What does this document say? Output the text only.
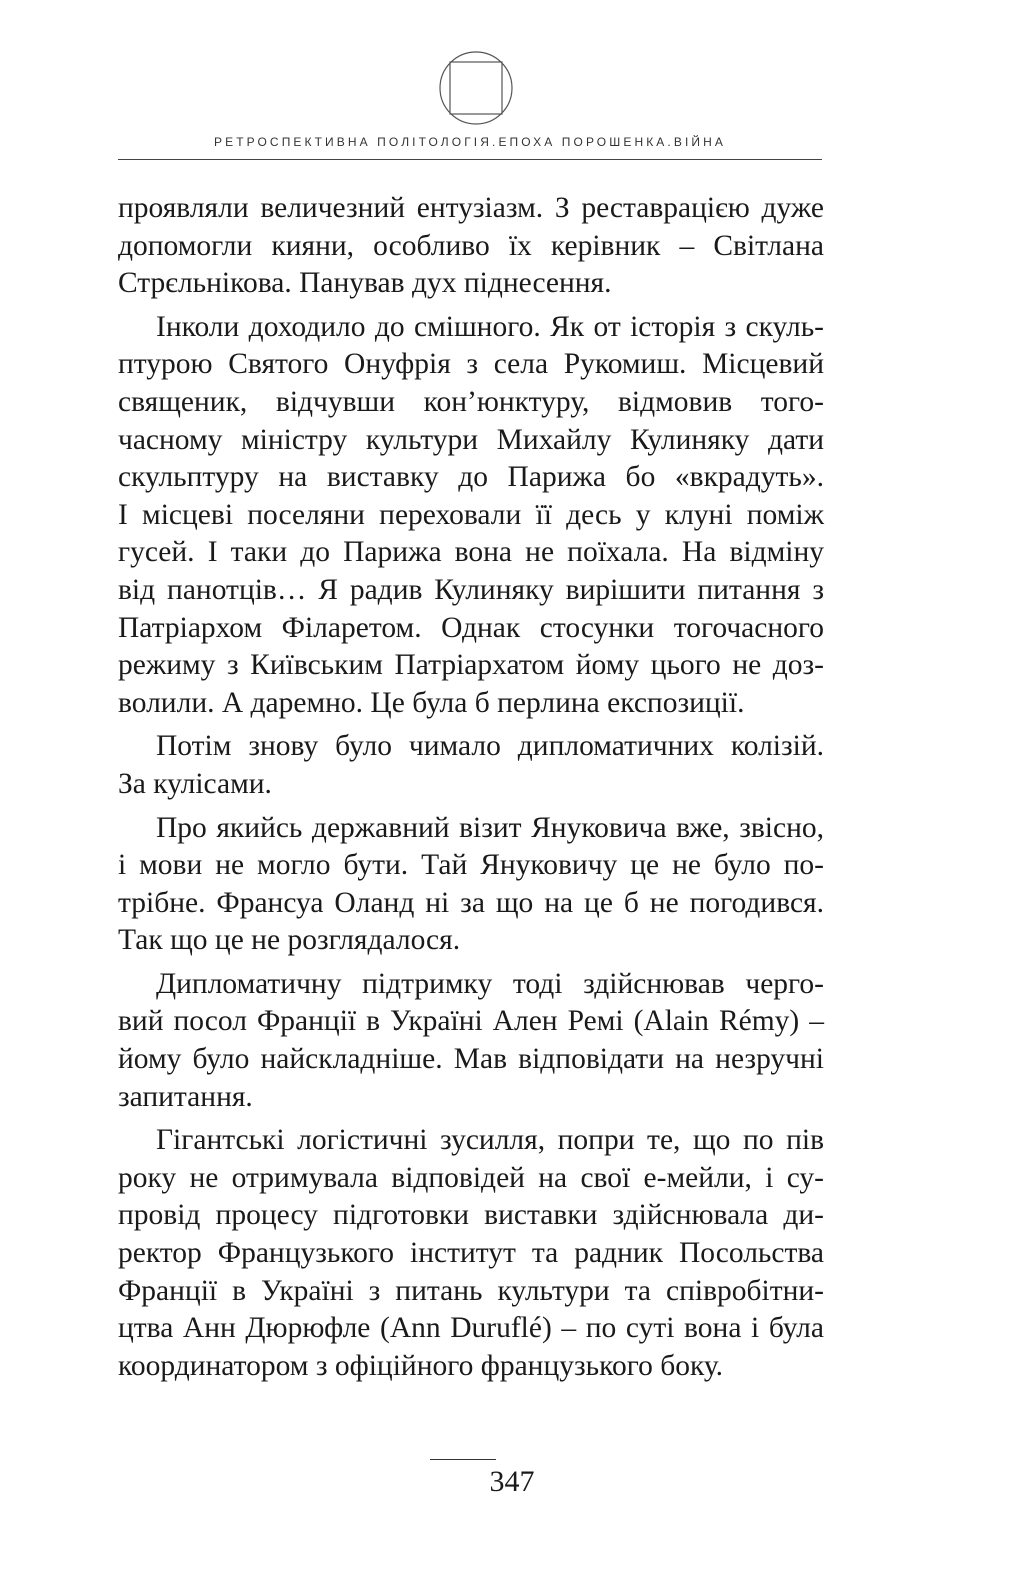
РЕТРОСПЕКТИВНА ПОЛІТОЛОГІЯ.ЕПОХА ПОРОШЕНКА.ВІЙНА

проявляли величезний ентузіазм. З реставрацією дуже
допомогли кияни, особливо їх керівник – Світлана
Стрєльнікова. Панував дух піднесення.

Інколи доходило до смішного. Як от історія з скуль-
птурою Святого Онуфрія з села Рукомиш. Місцевий
священик, відчувши кон’юнктуру, відмовив того-
часному міністру культури Михайлу Кулиняку дати
скульптуру на виставку до Парижа бо «вкрадуть».
І місцеві поселяни переховали її десь у клуні поміж
гусей. І таки до Парижа вона не поїхала. На відміну
від панотців… Я радив Кулиняку вирішити питання з
Патріархом Філаретом. Однак стосунки тогочасного
режиму з Київським Патріархатом йому цього не доз-
волили. А даремно. Це була б перлина експозиції.

Потім знову було чимало дипломатичних колізій.
За кулісами.

Про якийсь державний візит Януковича вже, звісно,
і мови не могло бути. Тай Януковичу це не було по-
трібне. Франсуа Оланд ні за що на це б не погодився.
Так що це не розглядалося.

Дипломатичну підтримку тоді здійснював черго-
вий посол Франції в Україні Ален Ремі (Alain Rémy) –
йому було найскладніше. Мав відповідати на незручні
запитання.

Гігантські логістичні зусилля, попри те, що по пів
року не отримувала відповідей на свої е-мейли, і су-
провід процесу підготовки виставки здійснювала ди-
ректор Французького інститут та радник Посольства
Франції в Україні з питань культури та співробітни-
цтва Анн Дюрюфле (Ann Duruflé) – по суті вона і була
координатором з офіційного французького боку.

347
